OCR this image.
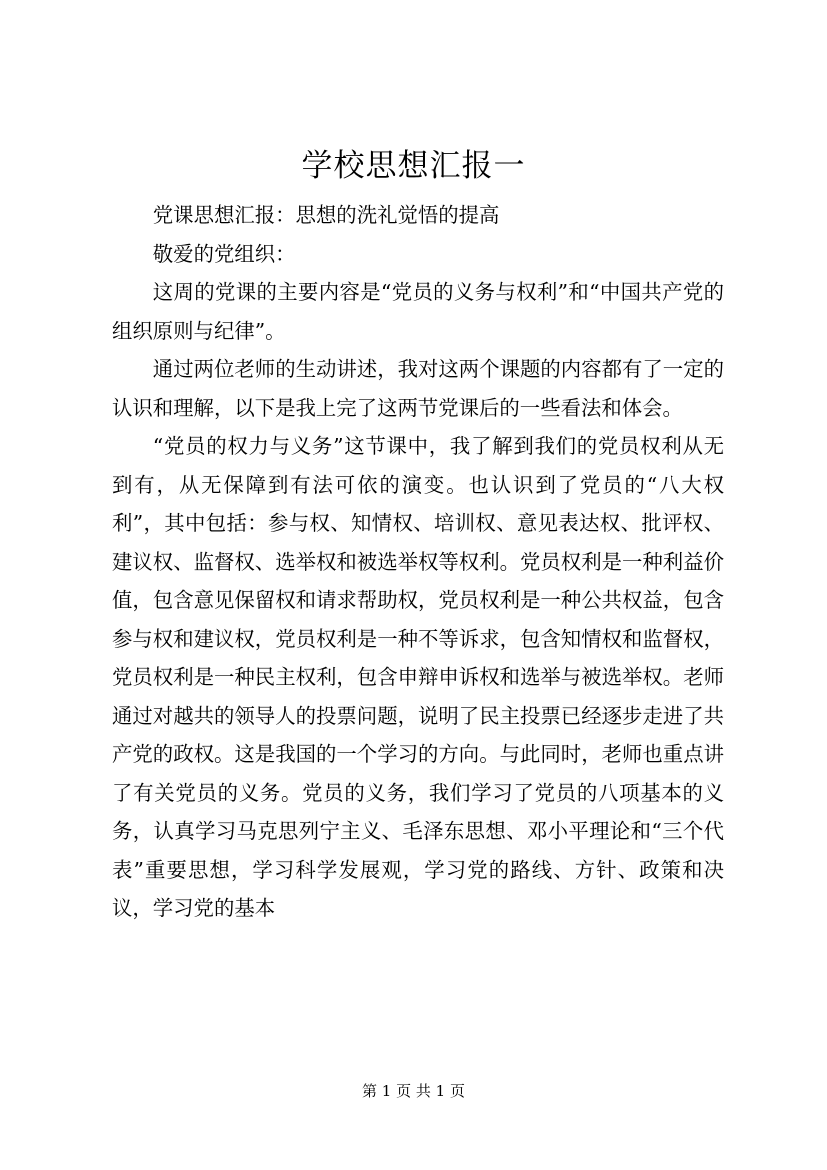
学校思想汇报一

党课思想汇报：思想的洗礼觉悟的提高

敬爱的党组织：

这周的党课的主要内容是“党员的义务与权利”和“中国共产党的组织原则与纪律”。

通过两位老师的生动讲述，我对这两个课题的内容都有了一定的认识和理解，以下是我上完了这两节党课后的一些看法和体会。

“党员的权力与义务”这节课中，我了解到我们的党员权利从无到有，从无保障到有法可依的演变。也认识到了党员的“八大权利”，其中包括：参与权、知情权、培训权、意见表达权、批评权、建议权、监督权、选举权和被选举权等权利。党员权利是一种利益价值，包含意见保留权和请求帮助权，党员权利是一种公共权益，包含参与权和建议权，党员权利是一种不等诉求，包含知情权和监督权，党员权利是一种民主权利，包含申辩申诉权和选举与被选举权。老师通过对越共的领导人的投票问题，说明了民主投票已经逐步走进了共产党的政权。这是我国的一个学习的方向。与此同时，老师也重点讲了有关党员的义务。党员的义务，我们学习了党员的八项基本的义务，认真学习马克思列宁主义、毛泽东思想、邓小平理论和“三个代表”重要思想，学习科学发展观，学习党的路线、方针、政策和决议，学习党的基本

第 1 页 共 1 页
